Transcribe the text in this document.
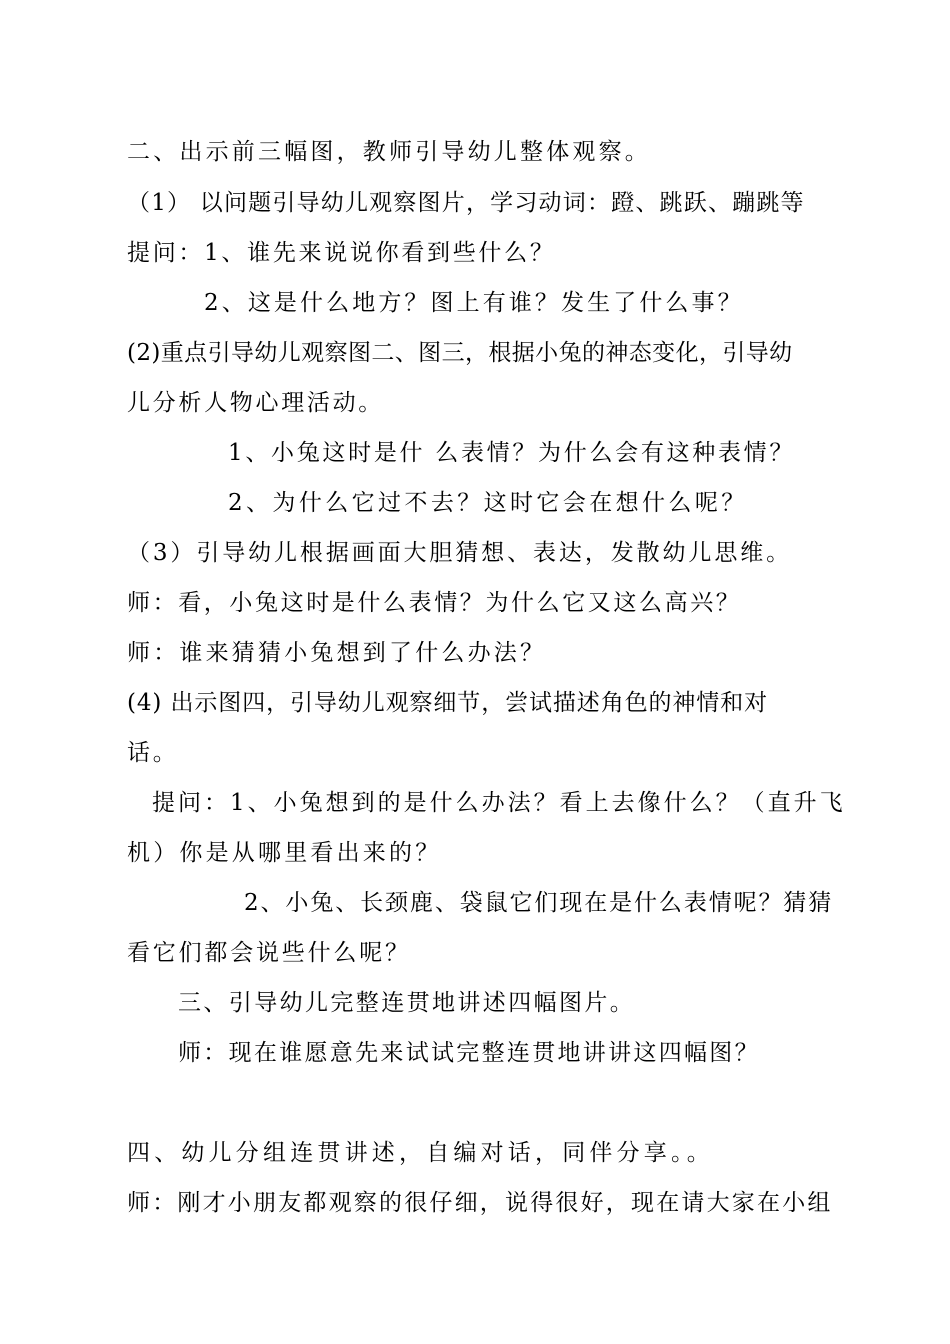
二、出示前三幅图，教师引导幼儿整体观察。
（1） 以问题引导幼儿观察图片，学习动词：蹬、跳跃、蹦跳等
提问：1、谁先来说说你看到些什么？
2、这是什么地方？图上有谁？发生了什么事？
(2)重点引导幼儿观察图二、图三，根据小兔的神态变化，引导幼
儿分析人物心理活动。
1、小兔这时是什 么表情？为什么会有这种表情？
2、为什么它过不去？这时它会在想什么呢？
（3）引导幼儿根据画面大胆猜想、表达，发散幼儿思维。
师：看，小兔这时是什么表情？为什么它又这么高兴？
师：谁来猜猜小兔想到了什么办法？
(4) 出示图四，引导幼儿观察细节，尝试描述角色的神情和对
话。
提问：1、小兔想到的是什么办法？看上去像什么？（直升飞
机）你是从哪里看出来的？
2、小兔、长颈鹿、袋鼠它们现在是什么表情呢？猜猜
看它们都会说些什么呢？
三、引导幼儿完整连贯地讲述四幅图片。
师：现在谁愿意先来试试完整连贯地讲讲这四幅图？
四、幼儿分组连贯讲述，自编对话，同伴分享。。
师：刚才小朋友都观察的很仔细，说得很好，现在请大家在小组
